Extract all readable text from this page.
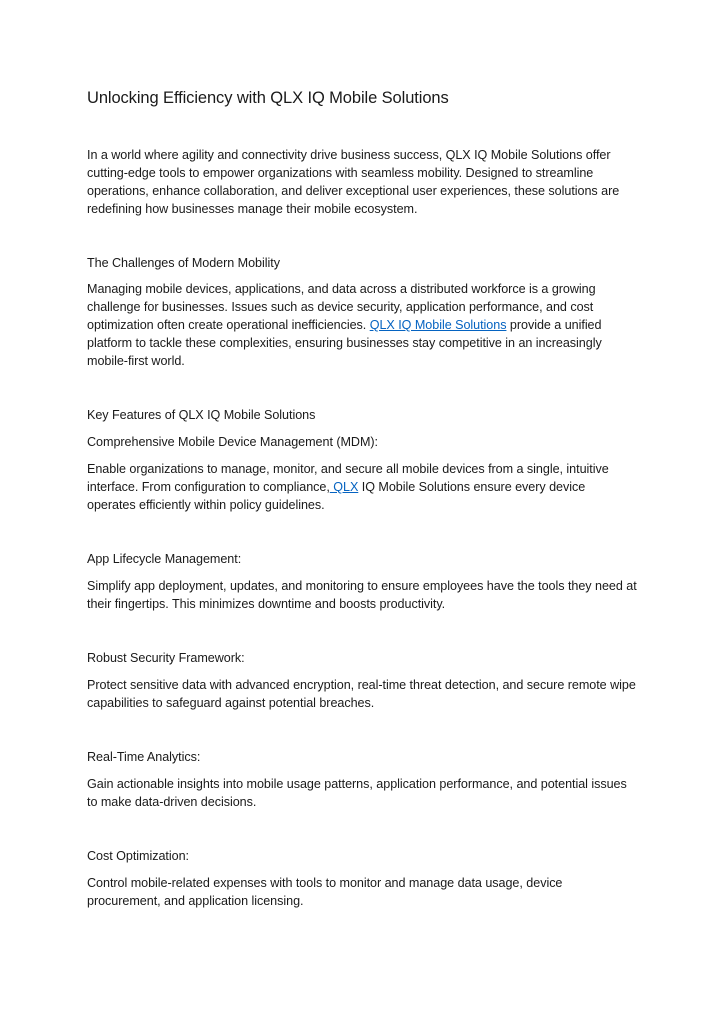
Unlocking Efficiency with QLX IQ Mobile Solutions

In a world where agility and connectivity drive business success, QLX IQ Mobile Solutions offer cutting-edge tools to empower organizations with seamless mobility. Designed to streamline operations, enhance collaboration, and deliver exceptional user experiences, these solutions are redefining how businesses manage their mobile ecosystem.

The Challenges of Modern Mobility

Managing mobile devices, applications, and data across a distributed workforce is a growing challenge for businesses. Issues such as device security, application performance, and cost optimization often create operational inefficiencies. QLX IQ Mobile Solutions provide a unified platform to tackle these complexities, ensuring businesses stay competitive in an increasingly mobile-first world.

Key Features of QLX IQ Mobile Solutions
Comprehensive Mobile Device Management (MDM):

Enable organizations to manage, monitor, and secure all mobile devices from a single, intuitive interface. From configuration to compliance, QLX IQ Mobile Solutions ensure every device operates efficiently within policy guidelines.

App Lifecycle Management:

Simplify app deployment, updates, and monitoring to ensure employees have the tools they need at their fingertips. This minimizes downtime and boosts productivity.

Robust Security Framework:

Protect sensitive data with advanced encryption, real-time threat detection, and secure remote wipe capabilities to safeguard against potential breaches.

Real-Time Analytics:

Gain actionable insights into mobile usage patterns, application performance, and potential issues to make data-driven decisions.

Cost Optimization:

Control mobile-related expenses with tools to monitor and manage data usage, device procurement, and application licensing.
